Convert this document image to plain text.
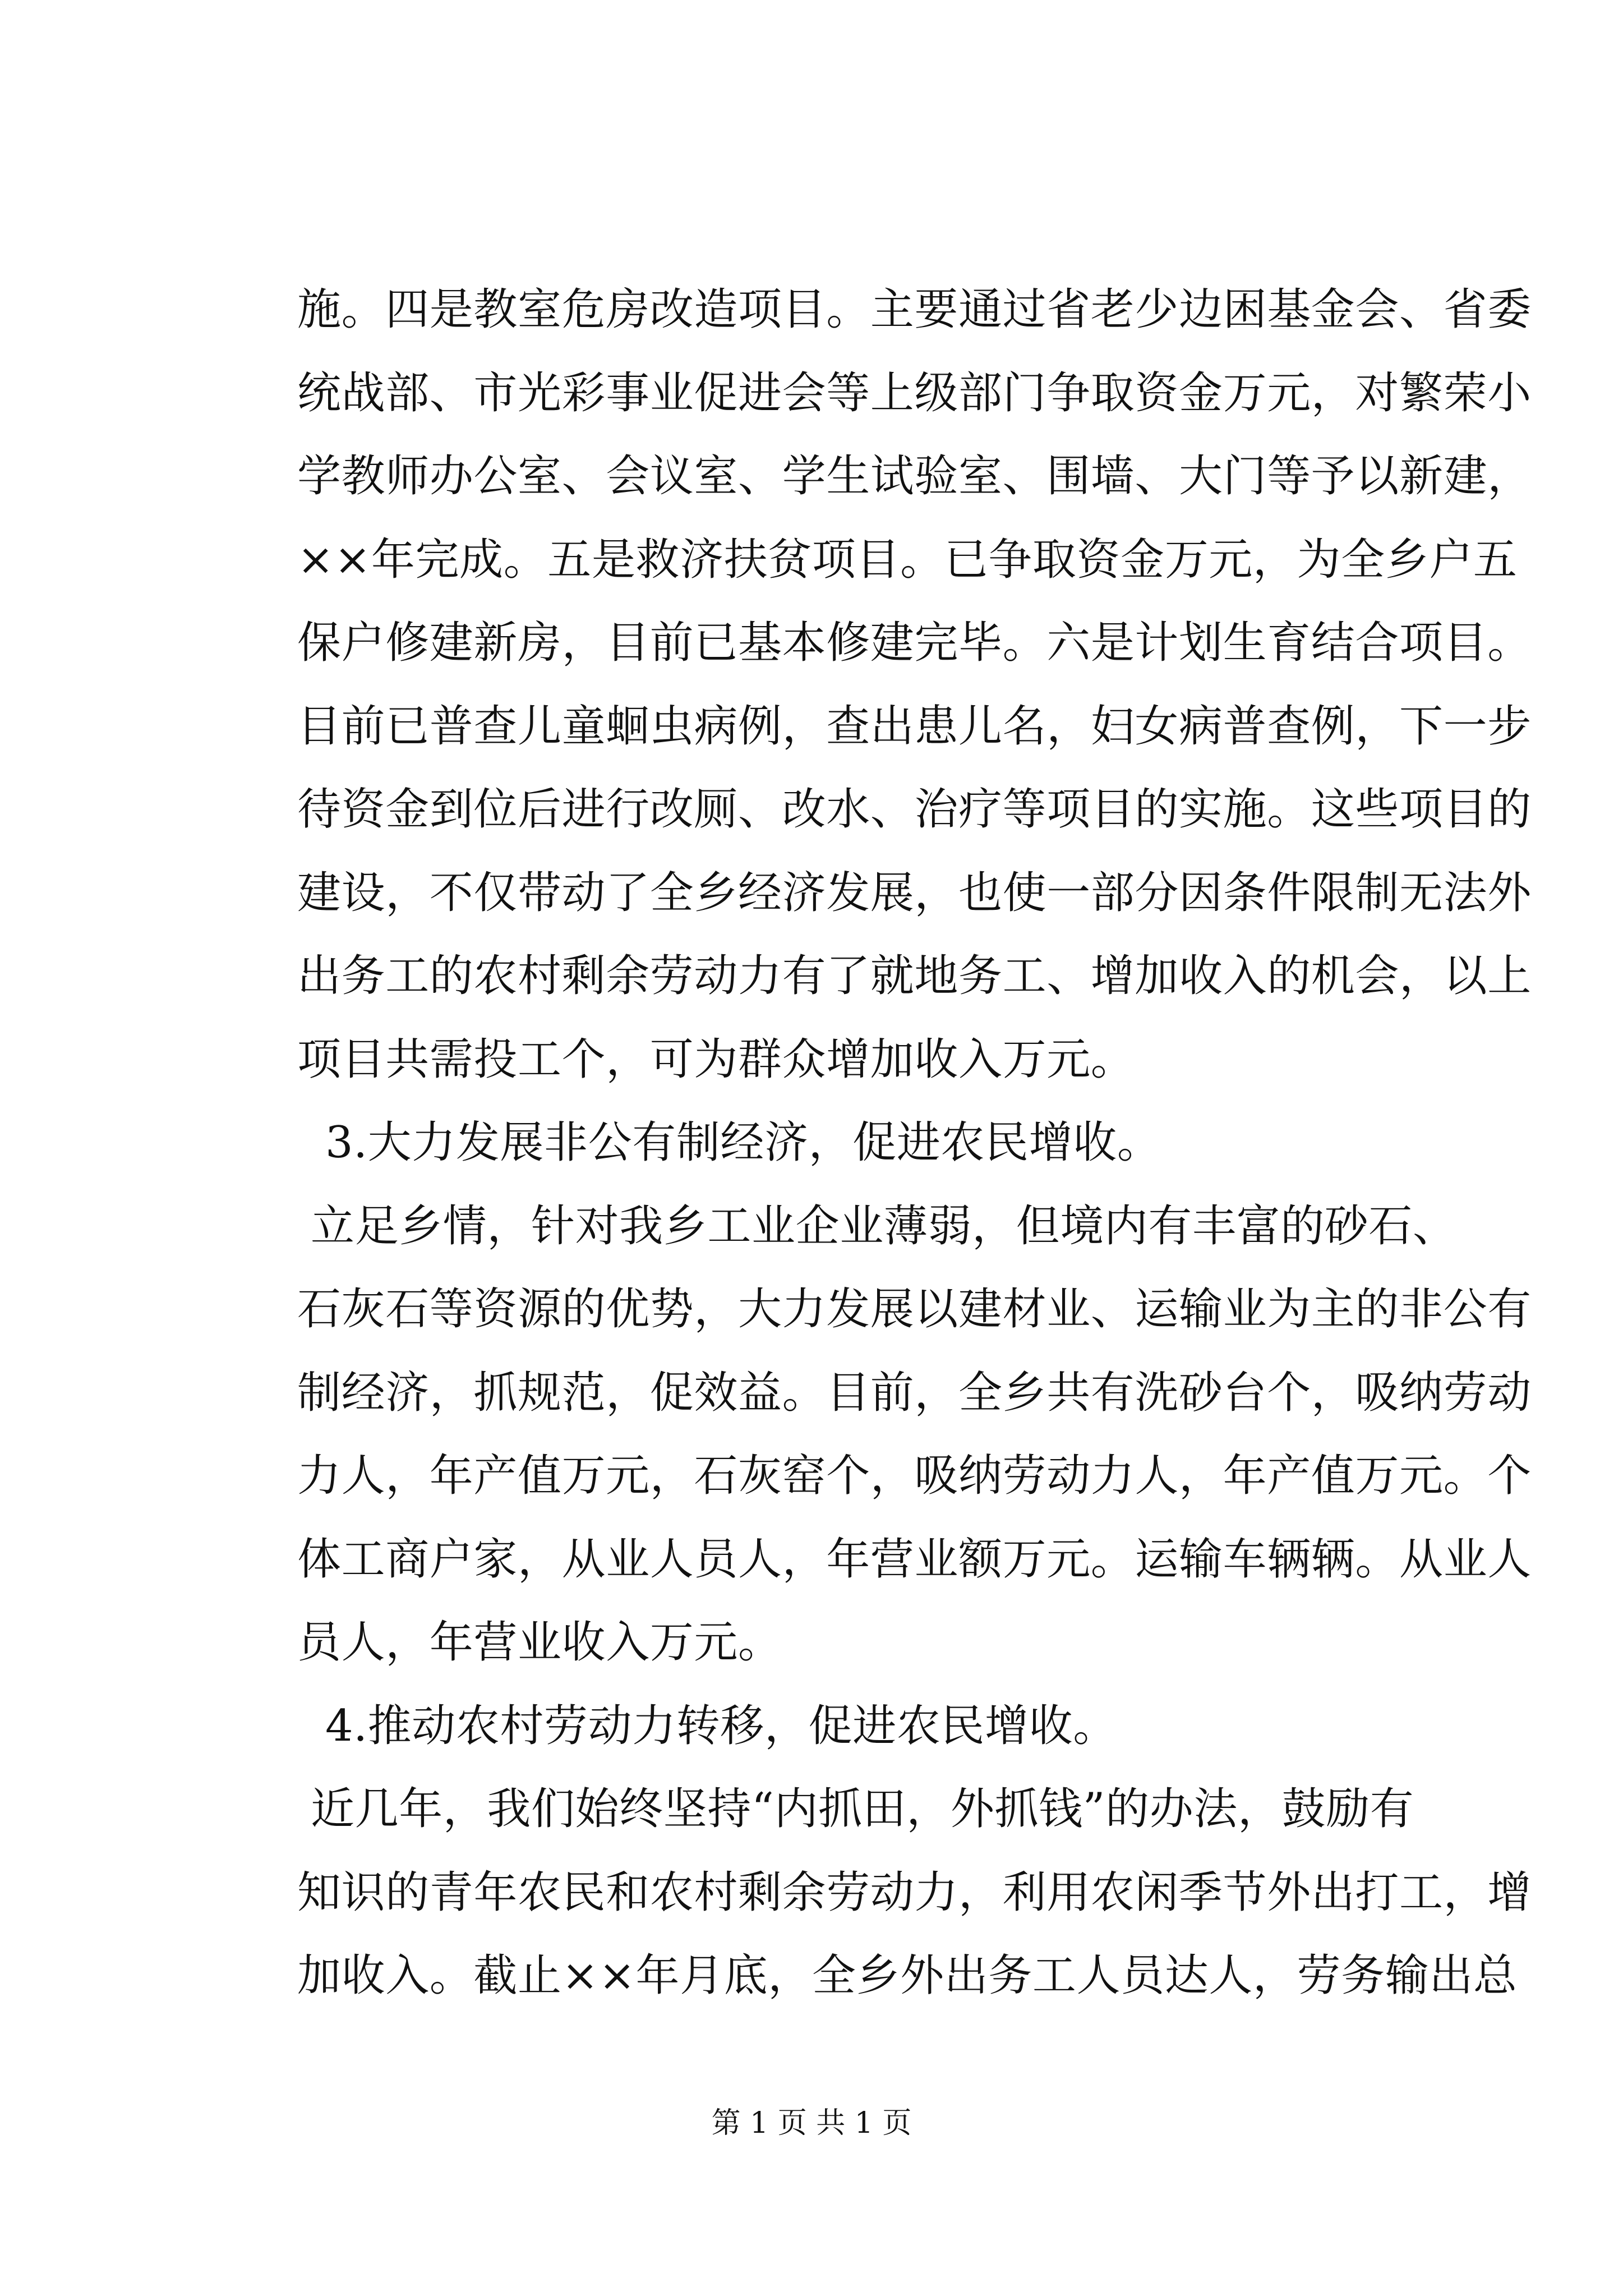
施。四是教室危房改造项目。主要通过省老少边困基金会、省委
统战部、市光彩事业促进会等上级部门争取资金万元，对繁荣小
学教师办公室、会议室、学生试验室、围墙、大门等予以新建，
××年完成。五是救济扶贫项目。已争取资金万元，为全乡户五
保户修建新房，目前已基本修建完毕。六是计划生育结合项目。
目前已普查儿童蛔虫病例，查出患儿名，妇女病普查例，下一步
待资金到位后进行改厕、改水、治疗等项目的实施。这些项目的
建设，不仅带动了全乡经济发展，也使一部分因条件限制无法外
出务工的农村剩余劳动力有了就地务工、增加收入的机会，以上
项目共需投工个，可为群众增加收入万元。
3.大力发展非公有制经济，促进农民增收。
立足乡情，针对我乡工业企业薄弱，但境内有丰富的砂石、
石灰石等资源的优势，大力发展以建材业、运输业为主的非公有
制经济，抓规范，促效益。目前，全乡共有洗砂台个，吸纳劳动
力人，年产值万元，石灰窑个，吸纳劳动力人，年产值万元。个
体工商户家，从业人员人，年营业额万元。运输车辆辆。从业人
员人，年营业收入万元。
4.推动农村劳动力转移，促进农民增收。
近几年，我们始终坚持“内抓田，外抓钱”的办法，鼓励有
知识的青年农民和农村剩余劳动力，利用农闲季节外出打工，增
加收入。截止××年月底，全乡外出务工人员达人，劳务输出总
第 1 页 共 1 页
